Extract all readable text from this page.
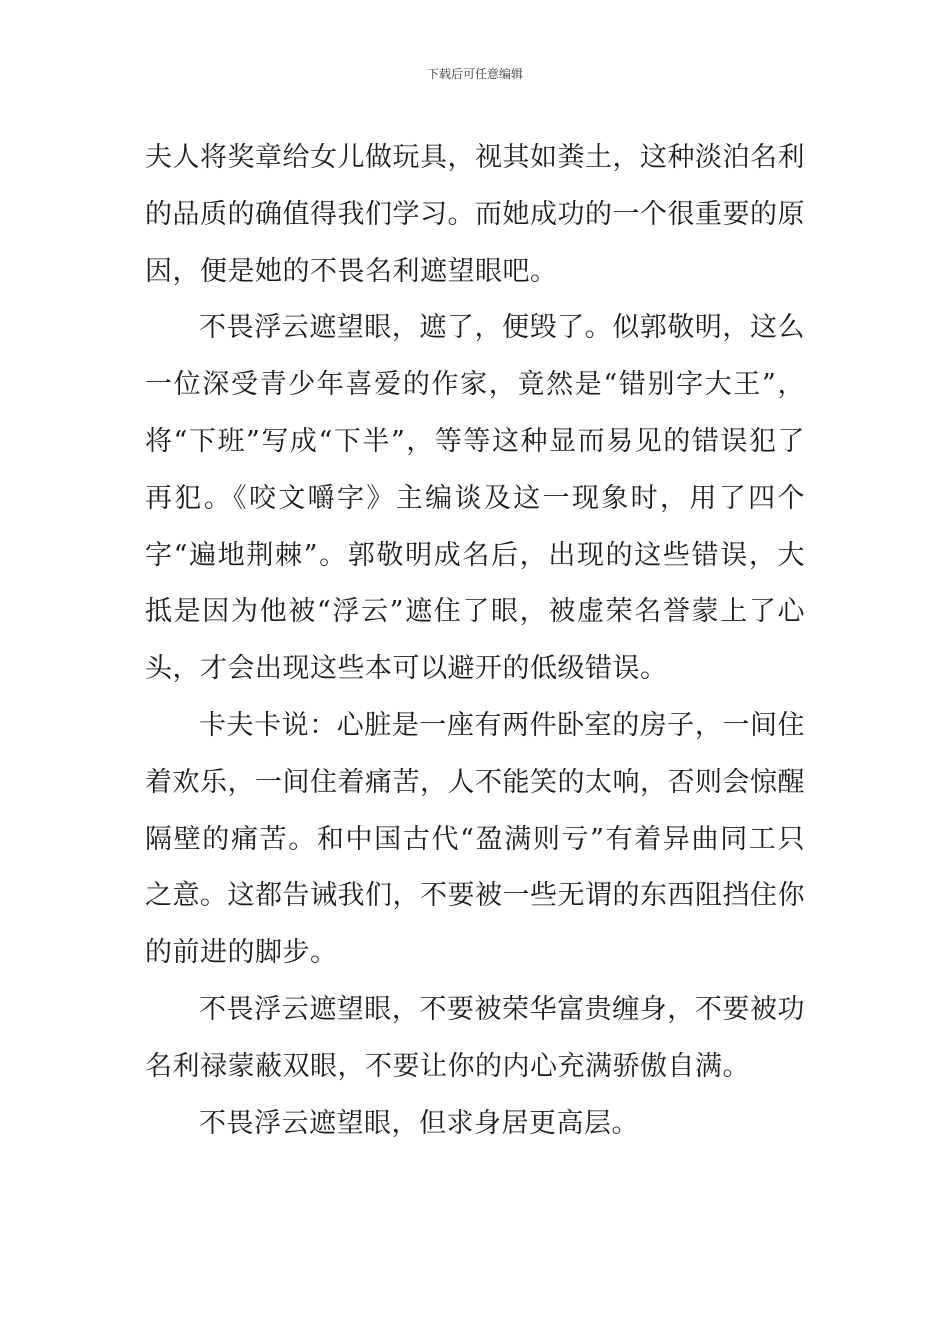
下载后可任意编辑

夫人将奖章给女儿做玩具，视其如粪土，这种淡泊名利的品质的确值得我们学习。而她成功的一个很重要的原因，便是她的不畏名利遮望眼吧。

不畏浮云遮望眼，遮了，便毁了。似郭敬明，这么一位深受青少年喜爱的作家，竟然是“错别字大王”，将“下班”写成“下半”，等等这种显而易见的错误犯了再犯。《咬文嚼字》主编谈及这一现象时，用了四个字“遍地荆棘”。郭敬明成名后，出现的这些错误，大抵是因为他被“浮云”遮住了眼，被虚荣名誉蒙上了心头，才会出现这些本可以避开的低级错误。

卡夫卡说：心脏是一座有两件卧室的房子，一间住着欢乐，一间住着痛苦，人不能笑的太响，否则会惊醒隔壁的痛苦。和中国古代“盈满则亏”有着异曲同工只之意。这都告诫我们，不要被一些无谓的东西阻挡住你的前进的脚步。

不畏浮云遮望眼，不要被荣华富贵缠身，不要被功名利禄蒙蔽双眼，不要让你的内心充满骄傲自满。

不畏浮云遮望眼，但求身居更高层。
